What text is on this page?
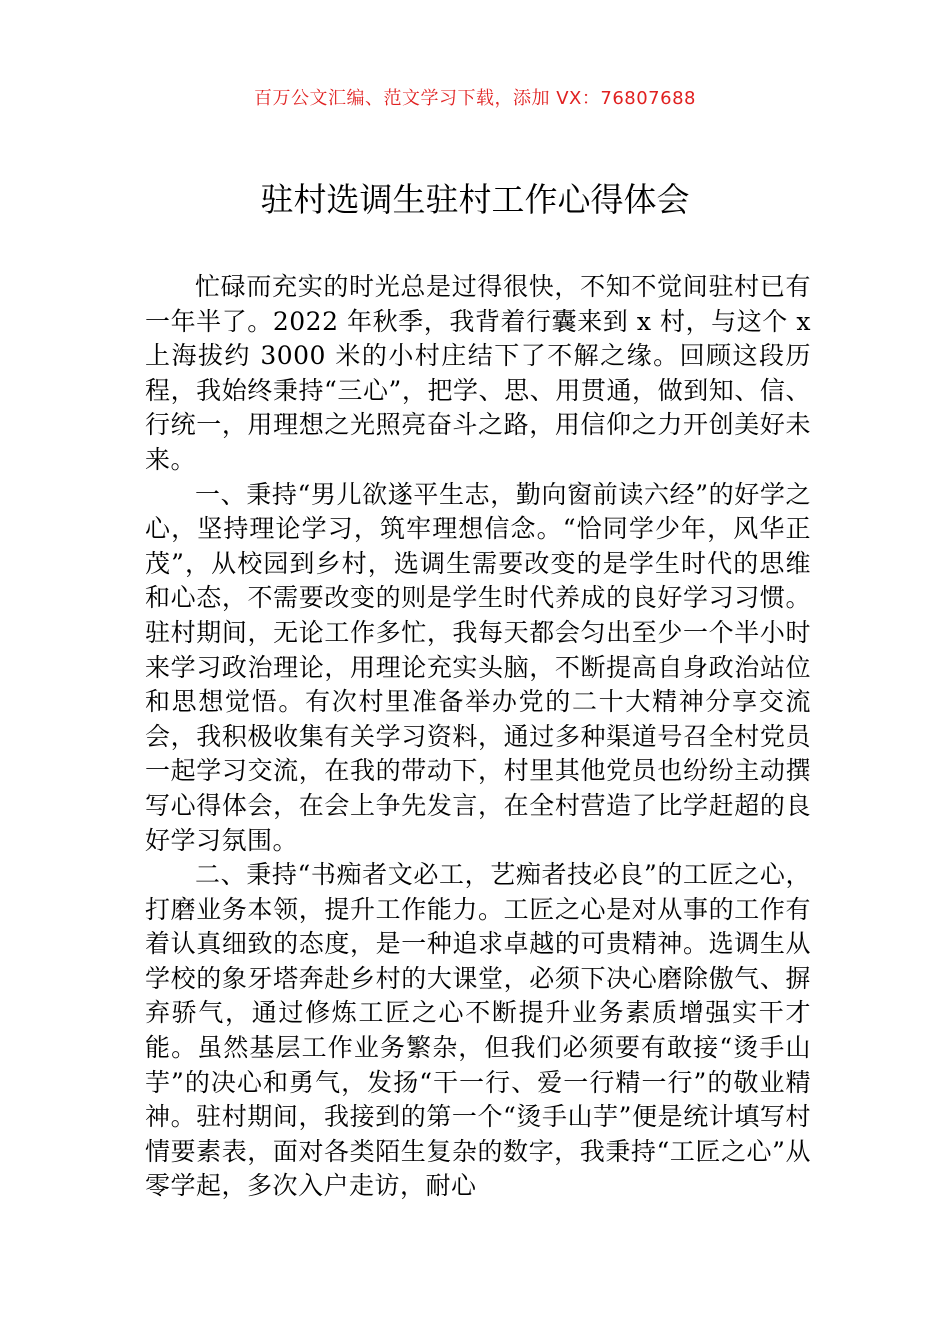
百万公文汇编、范文学习下载，添加 VX：76807688
驻村选调生驻村工作心得体会

忙碌而充实的时光总是过得很快，不知不觉间驻村已有一年半了。2022 年秋季，我背着行囊来到 x 村，与这个 x 上海拔约 3000 米的小村庄结下了不解之缘。回顾这段历程，我始终秉持“三心”，把学、思、用贯通，做到知、信、行统一，用理想之光照亮奋斗之路，用信仰之力开创美好未来。

一、秉持“男儿欲遂平生志，勤向窗前读六经”的好学之心，坚持理论学习，筑牢理想信念。“恰同学少年，风华正茂”，从校园到乡村，选调生需要改变的是学生时代的思维和心态，不需要改变的则是学生时代养成的良好学习习惯。驻村期间，无论工作多忙，我每天都会匀出至少一个半小时来学习政治理论，用理论充实头脑，不断提高自身政治站位和思想觉悟。有次村里准备举办党的二十大精神分享交流会，我积极收集有关学习资料，通过多种渠道号召全村党员一起学习交流，在我的带动下，村里其他党员也纷纷主动撰写心得体会，在会上争先发言，在全村营造了比学赶超的良好学习氛围。

二、秉持“书痴者文必工，艺痴者技必良”的工匠之心，打磨业务本领，提升工作能力。工匠之心是对从事的工作有着认真细致的态度，是一种追求卓越的可贵精神。选调生从学校的象牙塔奔赴乡村的大课堂，必须下决心磨除傲气、摒弃骄气，通过修炼工匠之心不断提升业务素质增强实干才能。虽然基层工作业务繁杂，但我们必须要有敢接“烫手山芋”的决心和勇气，发扬“干一行、爱一行精一行”的敬业精神。驻村期间，我接到的第一个“烫手山芋”便是统计填写村情要素表，面对各类陌生复杂的数字，我秉持“工匠之心”从零学起，多次入户走访，耐心
